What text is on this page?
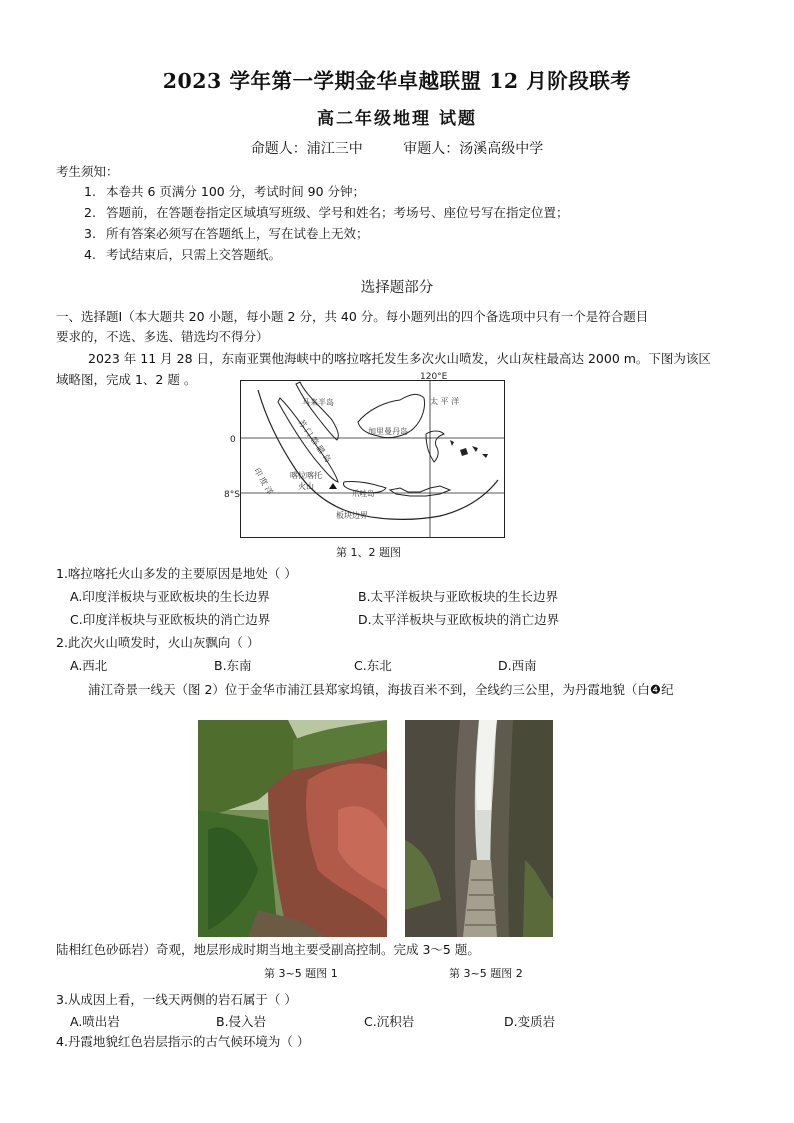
2023 学年第一学期金华卓越联盟 12 月阶段联考
高二年级地理 试题
命题人：浦江三中	审题人：汤溪高级中学
考生须知：
1. 本卷共 6 页满分 100 分，考试时间 90 分钟；
2. 答题前，在答题卷指定区域填写班级、学号和姓名；考场号、座位号写在指定位置；
3. 所有答案必须写在答题纸上，写在试卷上无效；
4. 考试结束后，只需上交答题纸。
选择题部分
一、选择题Ⅰ（本大题共 20 小题，每小题 2 分，共 40 分。每小题列出的四个备选项中只有一个是符合题目
要求的，不选、多选、错选均不得分）
2023 年 11 月 28 日，东南亚巽他海峡中的喀拉喀托发生多次火山喷发，火山灰柱最高达 2000 m。下图为该区
域略图，完成 1、2 题 。	120°E
0
8°S
马来半岛
苏 门 答 腊 岛	加里曼丹岛
太 平 洋
印 度 洋 喀拉喀托
火山
爪哇岛
板块边界
第 1、2 题图
1.喀拉喀托火山多发的主要原因是地处（ ）
A.印度洋板块与亚欧板块的生长边界	B.太平洋板块与亚欧板块的生长边界
C.印度洋板块与亚欧板块的消亡边界	D.太平洋板块与亚欧板块的消亡边界
2.此次火山喷发时，火山灰飘向（ ）
A.西北	B.东南	C.东北	D.西南
浦江奇景一线天（图 2）位于金华市浦江县郑家坞镇，海拔百米不到，全线约三公里，为丹霞地貌（白❹纪
陆相红色砂砾岩）奇观，地层形成时期当地主要受副高控制。完成 3～5 题。
第 3~5 题图 1	第 3~5 题图 2
3.从成因上看，一线天两侧的岩石属于（ ）
A.喷出岩	B.侵入岩	C.沉积岩	D.变质岩
4.丹霞地貌红色岩层指示的古气候环境为（ ）
